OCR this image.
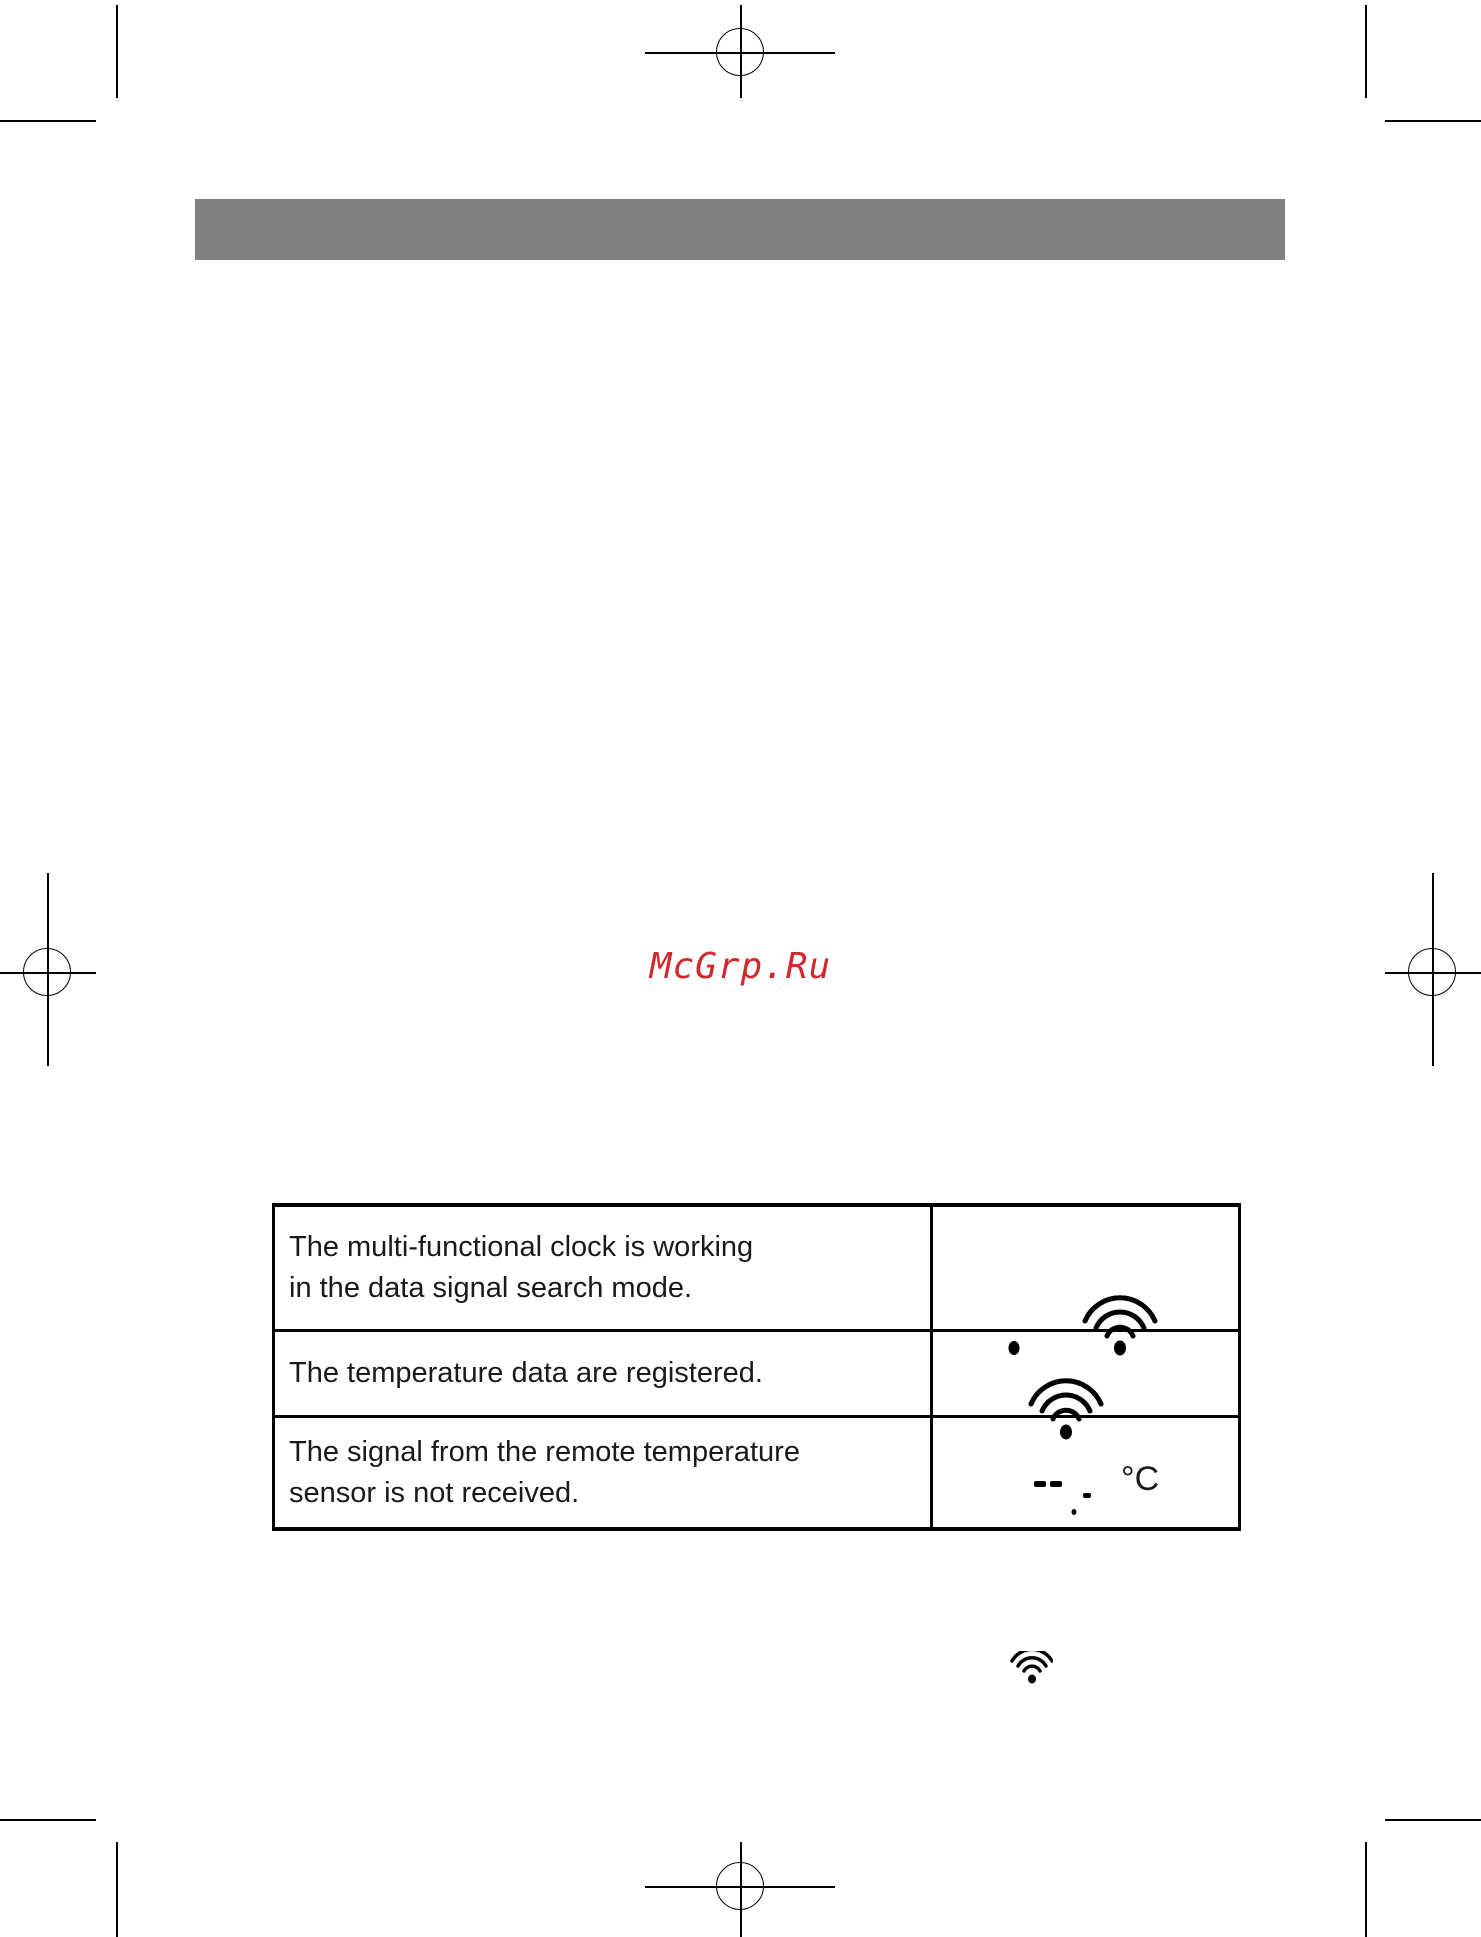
McGrp.Ru
The multi-functional clock is working
in the data signal search mode.

The temperature data are registered.

The signal from the remote temperature
sensor is not received.	°C
